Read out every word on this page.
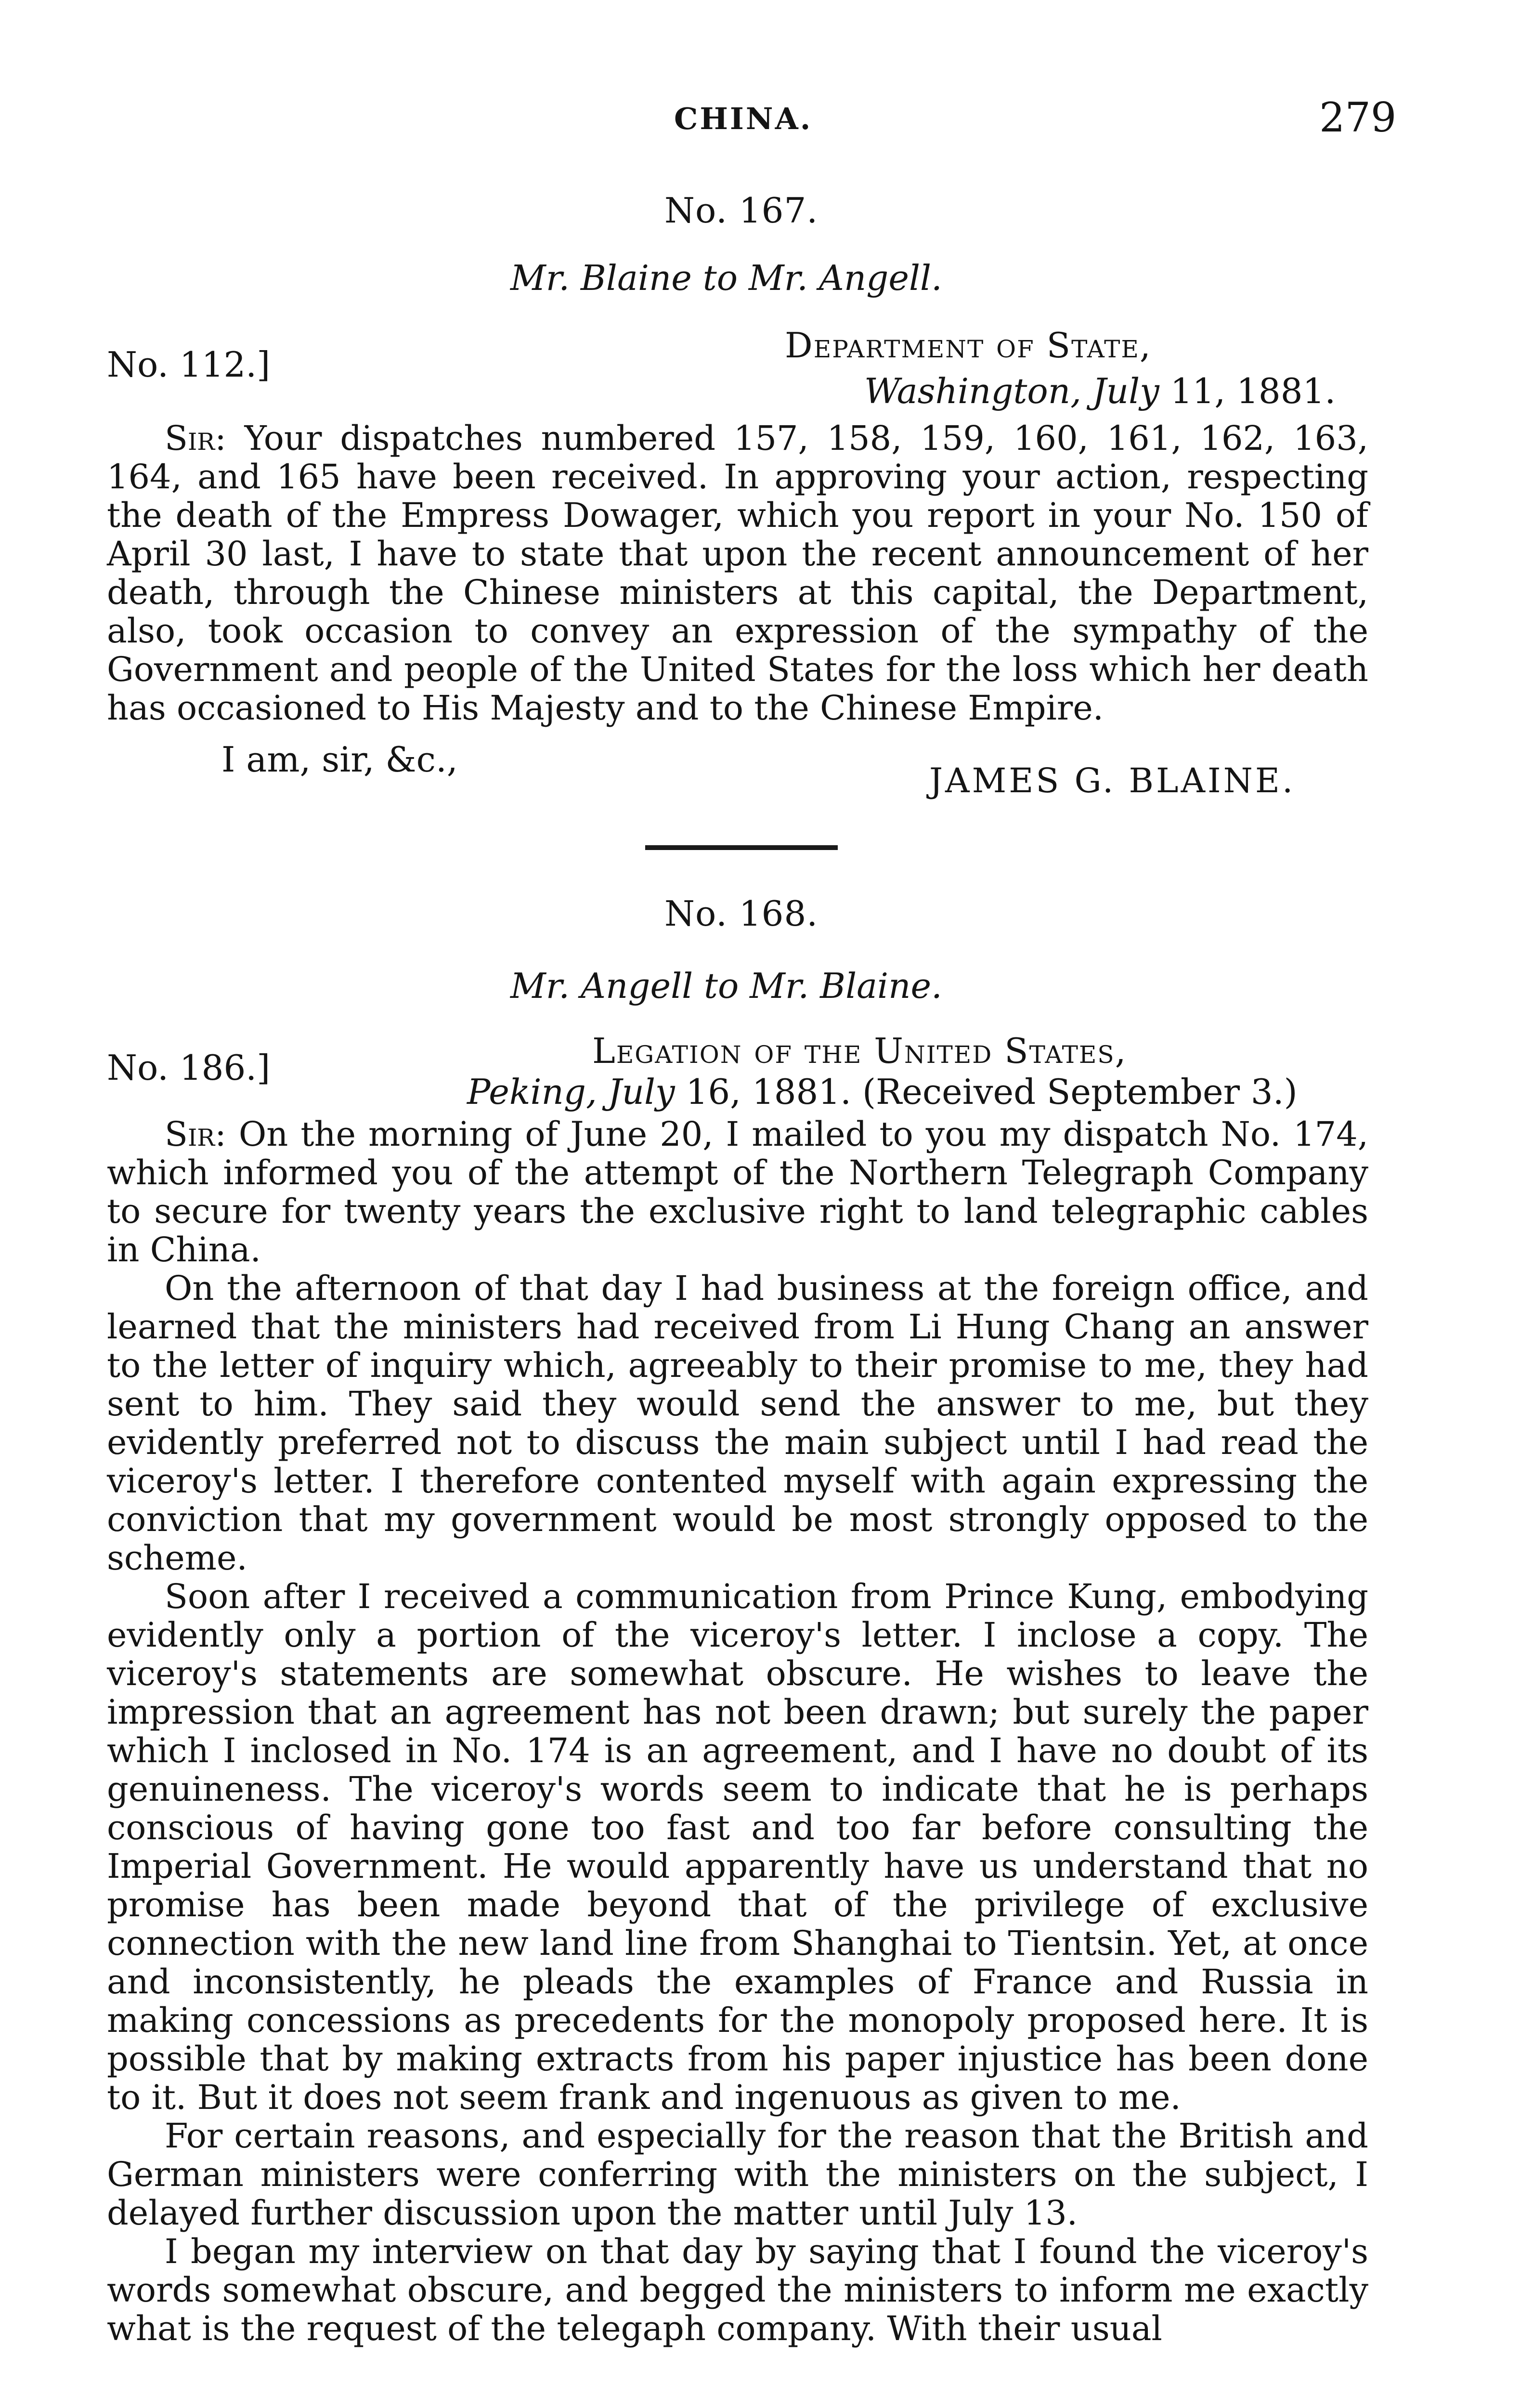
CHINA.	279
No. 167.
Mr. Blaine to Mr. Angell.
No. 112.]	Department of State,
Washington, July 11, 1881.

Sir: Your dispatches numbered 157, 158, 159, 160, 161, 162, 163, 164, and 165 have been received. In approving your action, respecting the death of the Empress Dowager, which you report in your No. 150 of April 30 last, I have to state that upon the recent announcement of her death, through the Chinese ministers at this capital, the Department, also, took occasion to convey an expression of the sympathy of the Government and people of the United States for the loss which her death has occasioned to His Majesty and to the Chinese Empire.

I am, sir, &c.,
JAMES G. BLAINE.
No. 168.
Mr. Angell to Mr. Blaine.
No. 186.]	Legation of the United States,
Peking, July 16, 1881. (Received September 3.)

Sir: On the morning of June 20, I mailed to you my dispatch No. 174, which informed you of the attempt of the Northern Telegraph Company to secure for twenty years the exclusive right to land telegraphic cables in China.

On the afternoon of that day I had business at the foreign office, and learned that the ministers had received from Li Hung Chang an answer to the letter of inquiry which, agreeably to their promise to me, they had sent to him. They said they would send the answer to me, but they evidently preferred not to discuss the main subject until I had read the viceroy's letter. I therefore contented myself with again expressing the conviction that my government would be most strongly opposed to the scheme.

Soon after I received a communication from Prince Kung, embodying evidently only a portion of the viceroy's letter. I inclose a copy. The viceroy's statements are somewhat obscure. He wishes to leave the impression that an agreement has not been drawn; but surely the paper which I inclosed in No. 174 is an agreement, and I have no doubt of its genuineness. The viceroy's words seem to indicate that he is perhaps conscious of having gone too fast and too far before consulting the Imperial Government. He would apparently have us understand that no promise has been made beyond that of the privilege of exclusive connection with the new land line from Shanghai to Tientsin. Yet, at once and inconsistently, he pleads the examples of France and Russia in making concessions as precedents for the monopoly proposed here. It is possible that by making extracts from his paper injustice has been done to it. But it does not seem frank and ingenuous as given to me.

For certain reasons, and especially for the reason that the British and German ministers were conferring with the ministers on the subject, I delayed further discussion upon the matter until July 13.

I began my interview on that day by saying that I found the viceroy's words somewhat obscure, and begged the ministers to inform me exactly what is the request of the telegaph company. With their usual
